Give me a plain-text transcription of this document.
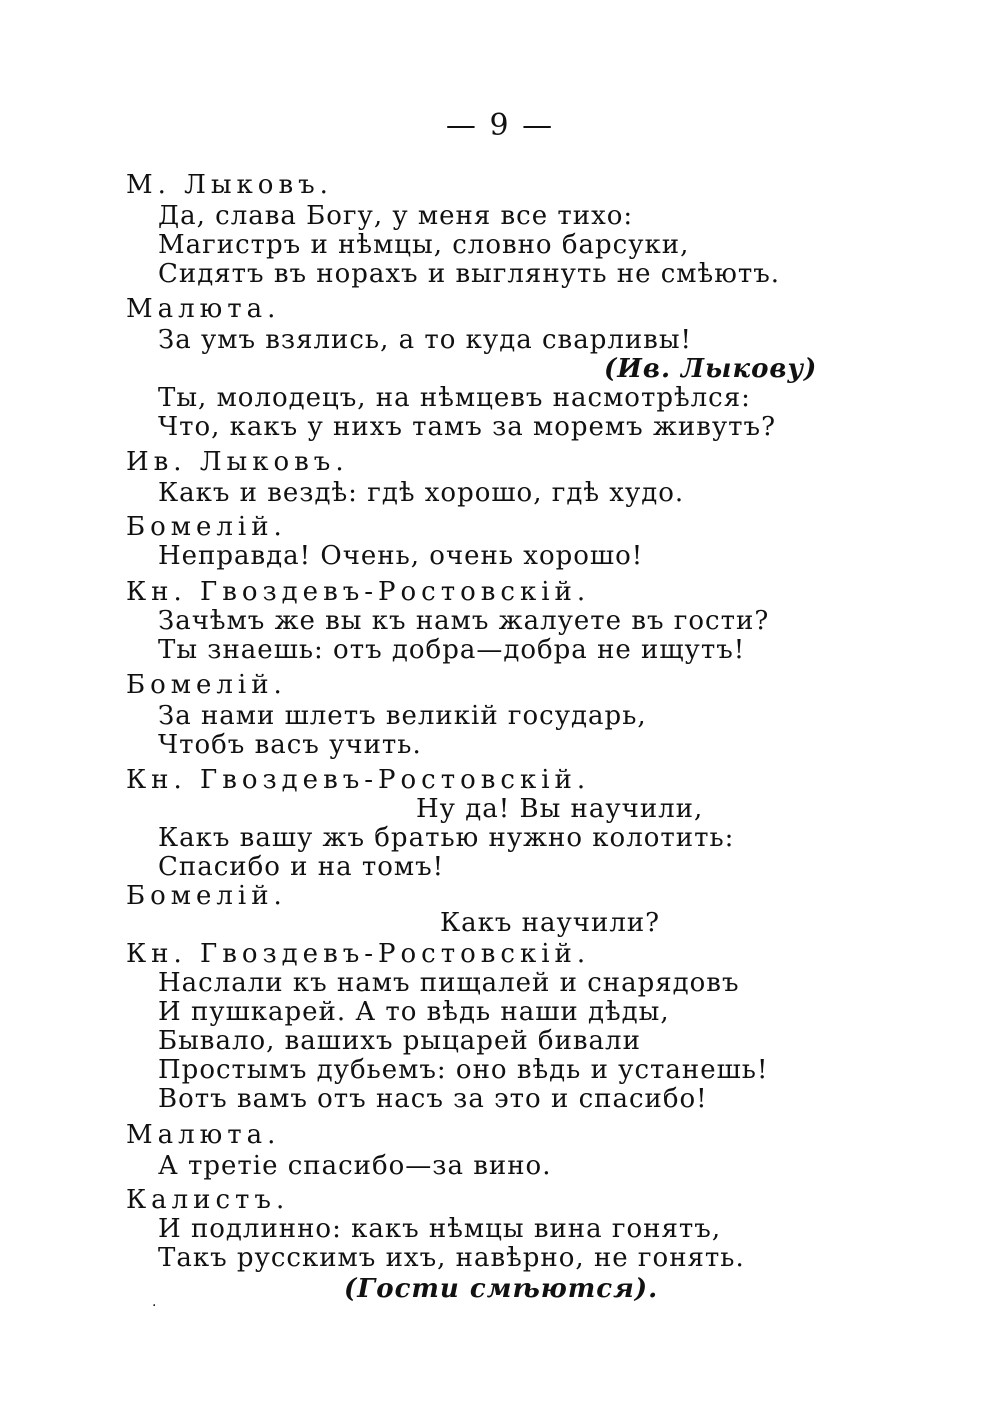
— 9 —
М. Лыковъ.
Да, слава Богу, у меня все тихо:
Магистръ и нѣмцы, словно барсуки,
Сидятъ въ норахъ и выглянуть не смѣютъ.
Малюта.
За умъ взялись, а то куда сварливы!
(Ив. Лыкову)
Ты, молодецъ, на нѣмцевъ насмотрѣлся:
Что, какъ у нихъ тамъ за моремъ живутъ?
Ив. Лыковъ.
Какъ и вездѣ: гдѣ хорошо, гдѣ худо.
Бомелій.
Неправда! Очень, очень хорошо!
Кн. Гвоздевъ-Ростовскій.
Зачѣмъ же вы къ намъ жалуете въ гости?
Ты знаешь: отъ добра—добра не ищутъ!
Бомелій.
За нами шлетъ великій государь,
Чтобъ васъ учить.
Кн. Гвоздевъ-Ростовскій.
Ну да! Вы научили,
Какъ вашу жъ братью нужно колотить:
Спасибо и на томъ!
Бомелій.
Какъ научили?
Кн. Гвоздевъ-Ростовскій.
Наслали къ намъ пищалей и снарядовъ
И пушкарей. А то вѣдь наши дѣды,
Бывало, вашихъ рыцарей бивали
Простымъ дубьемъ: оно вѣдь и устанешь!
Вотъ вамъ отъ насъ за это и спасибо!
Малюта.
А третіе спасибо—за вино.
Калистъ.
И подлинно: какъ нѣмцы вина гонятъ,
Такъ русскимъ ихъ, навѣрно, не гонять.
(Гости смѣются).
·
